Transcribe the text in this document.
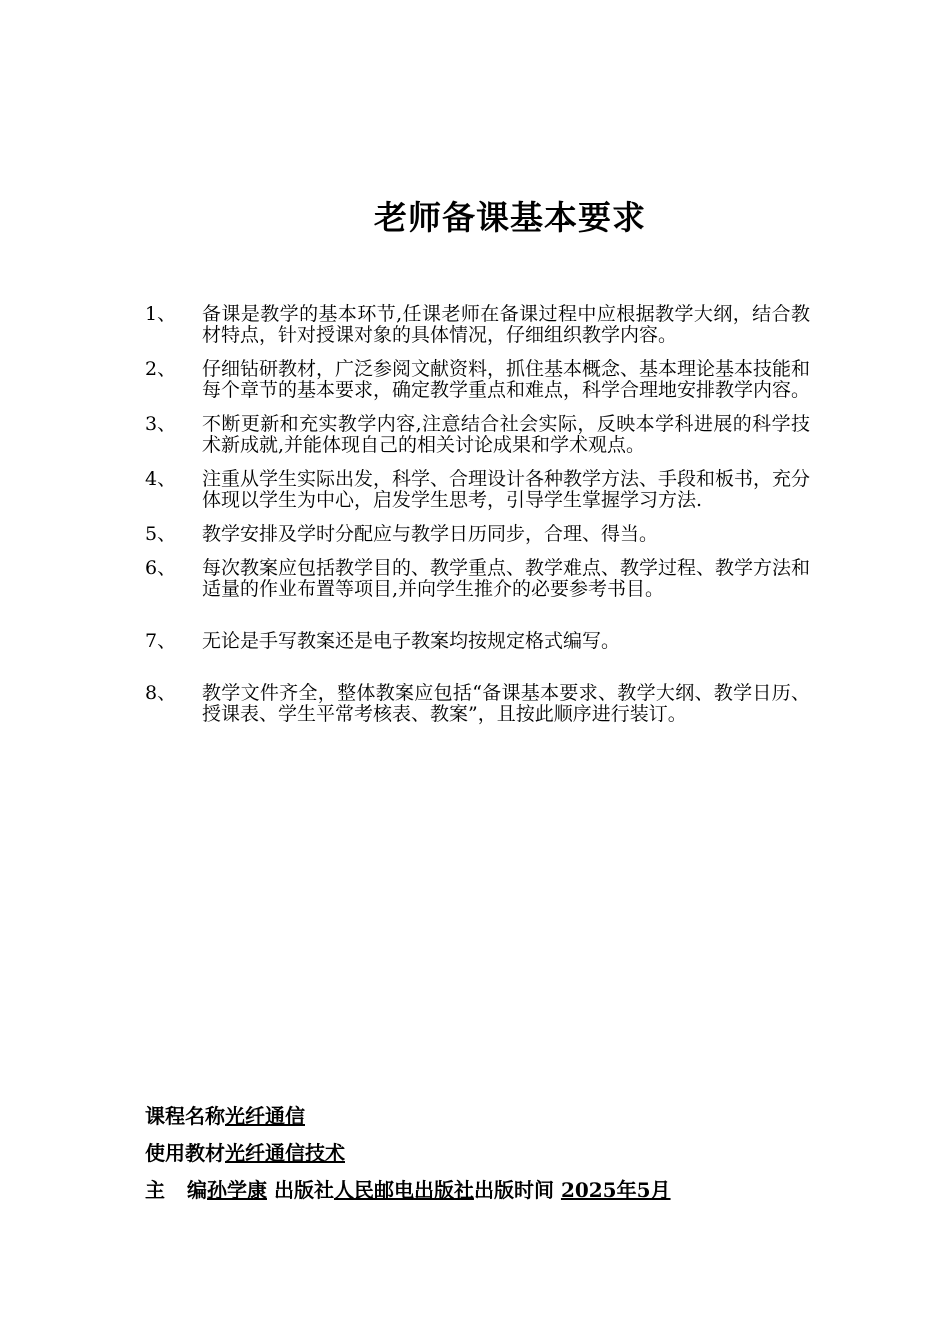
老师备课基本要求
1、	备课是教学的基本环节,任课老师在备课过程中应根据教学大纲，结合教材特点，针对授课对象的具体情况，仔细组织教学内容。
2、	仔细钻研教材，广泛参阅文献资料，抓住基本概念、基本理论基本技能和每个章节的基本要求，确定教学重点和难点，科学合理地安排教学内容。
3、	不断更新和充实教学内容,注意结合社会实际，反映本学科进展的科学技术新成就,并能体现自己的相关讨论成果和学术观点。
4、	注重从学生实际出发，科学、合理设计各种教学方法、手段和板书，充分体现以学生为中心，启发学生思考，引导学生掌握学习方法.
5、	教学安排及学时分配应与教学日历同步，合理、得当。
6、	每次教案应包括教学目的、教学重点、教学难点、教学过程、教学方法和适量的作业布置等项目,并向学生推介的必要参考书目。
7、	无论是手写教案还是电子教案均按规定格式编写。
8、	教学文件齐全，整体教案应包括“备课基本要求、教学大纲、教学日历、授课表、学生平常考核表、教案”，且按此顺序进行装订。
课程名称光纤通信
使用教材光纤通信技术
主 编孙学康 出版社人民邮电出版社出版时间 2025年5月
